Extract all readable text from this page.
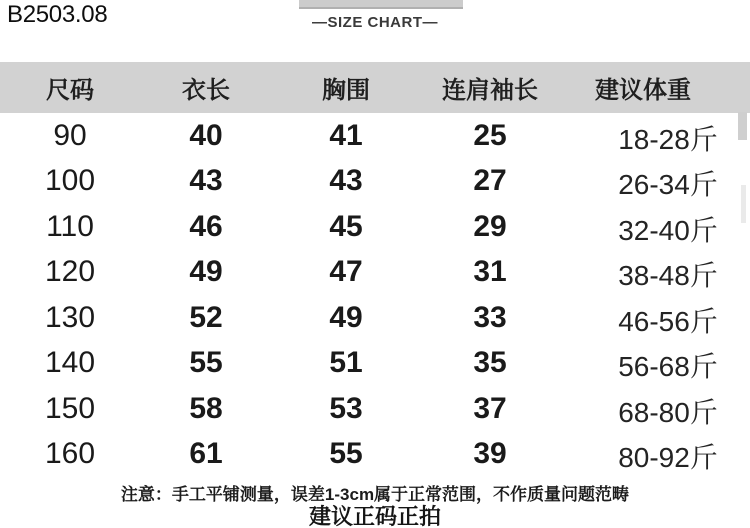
B2503.08	—SIZE CHART—
尺码	衣长	胸围	连肩袖长	建议体重
90	40	41	25	18-28斤
100	43	43	27	26-34斤
110	46	45	29	32-40斤
120	49	47	31	38-48斤
130	52	49	33	46-56斤
140	55	51	35	56-68斤
150	58	53	37	68-80斤
160	61	55	39	80-92斤
注意：手工平铺测量，误差1-3cm属于正常范围，不作质量问题范畴
建议正码正拍
